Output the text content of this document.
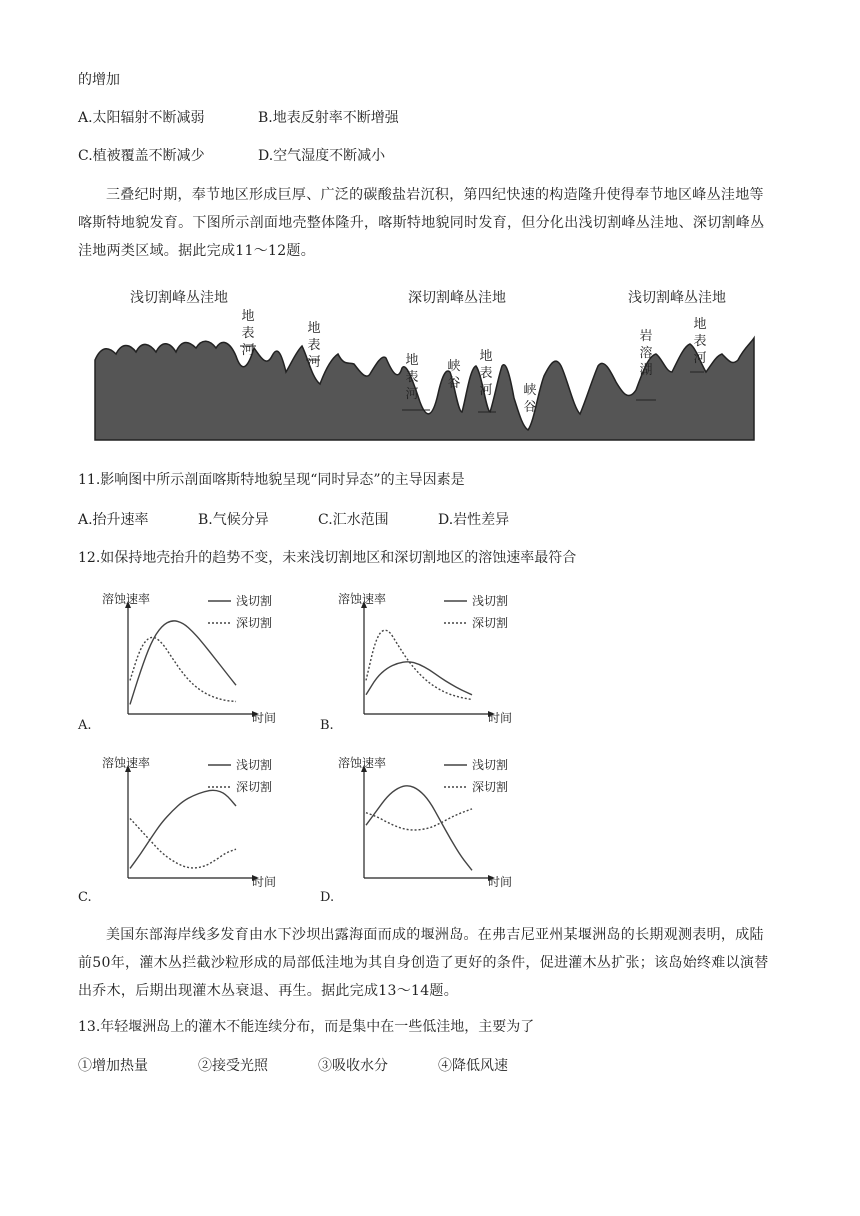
的增加
A.太阳辐射不断减弱	B.地表反射率不断增强
C.植被覆盖不断减少	D.空气湿度不断减小
三叠纪时期，奉节地区形成巨厚、广泛的碳酸盐岩沉积，第四纪快速的构造隆升使得奉节地区峰丛洼地等喀斯特地貌发育。下图所示剖面地壳整体隆升，喀斯特地貌同时发育，但分化出浅切割峰丛洼地、深切割峰丛洼地两类区域。据此完成11～12题。
浅切割峰丛洼地	深切割峰丛洼地	浅切割峰丛洼地
地表河
地表河	地表河
峡谷
地表河 峡谷
岩溶湖
地表河
11.影响图中所示剖面喀斯特地貌呈现“同时异态”的主导因素是
A.抬升速率	B.气候分异	C.汇水范围	D.岩性差异
12.如保持地壳抬升的趋势不变，未来浅切割地区和深切割地区的溶蚀速率最符合
溶蚀速率
时间
浅切割
深切割
溶蚀速率
时间
浅切割
深切割
溶蚀速率
时间
浅切割
深切割
溶蚀速率
时间
浅切割
深切割
A.	B.
C.	D.
美国东部海岸线多发育由水下沙坝出露海面而成的堰洲岛。在弗吉尼亚州某堰洲岛的长期观测表明，成陆前50年，灌木丛拦截沙粒形成的局部低洼地为其自身创造了更好的条件，促进灌木丛扩张；该岛始终难以演替出乔木，后期出现灌木丛衰退、再生。据此完成13～14题。
13.年轻堰洲岛上的灌木不能连续分布，而是集中在一些低洼地，主要为了
①增加热量	②接受光照	③吸收水分	④降低风速
